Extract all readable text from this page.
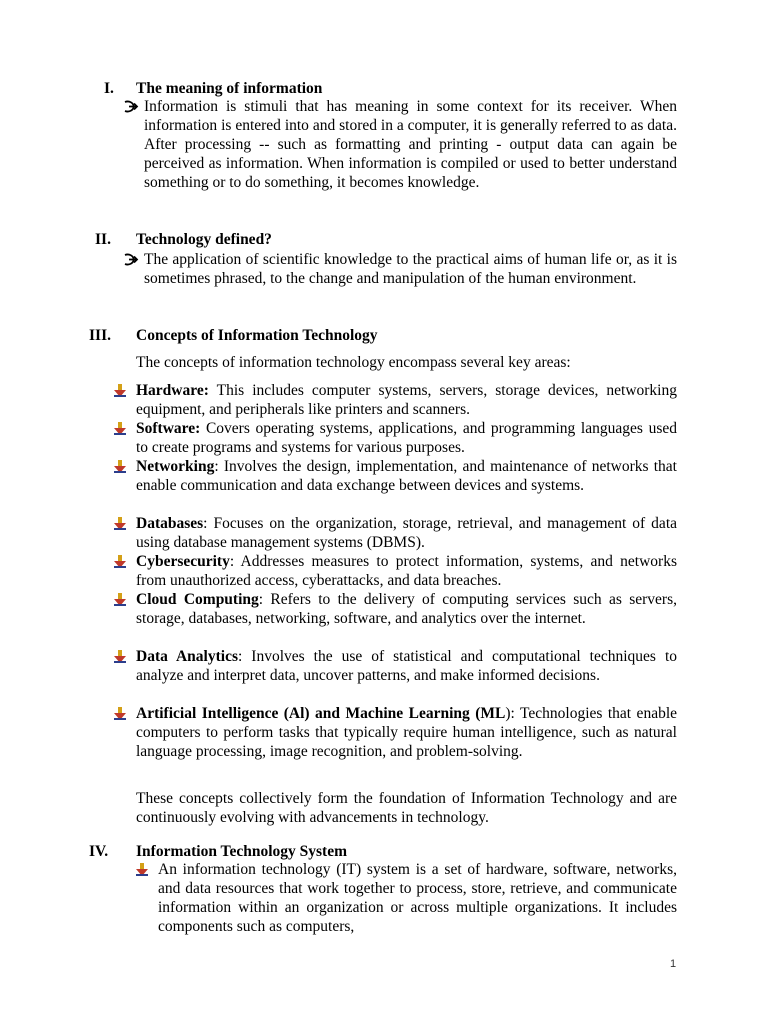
I. The meaning of information
Information is stimuli that has meaning in some context for its receiver. When information is entered into and stored in a computer, it is generally referred to as data. After processing -- such as formatting and printing - output data can again be perceived as information. When information is compiled or used to better understand something or to do something, it becomes knowledge.
II. Technology defined?
The application of scientific knowledge to the practical aims of human life or, as it is sometimes phrased, to the change and manipulation of the human environment.
III. Concepts of Information Technology
The concepts of information technology encompass several key areas:
Hardware: This includes computer systems, servers, storage devices, networking equipment, and peripherals like printers and scanners.
Software: Covers operating systems, applications, and programming languages used to create programs and systems for various purposes.
Networking: Involves the design, implementation, and maintenance of networks that enable communication and data exchange between devices and systems.
Databases: Focuses on the organization, storage, retrieval, and management of data using database management systems (DBMS).
Cybersecurity: Addresses measures to protect information, systems, and networks from unauthorized access, cyberattacks, and data breaches.
Cloud Computing: Refers to the delivery of computing services such as servers, storage, databases, networking, software, and analytics over the internet.
Data Analytics: Involves the use of statistical and computational techniques to analyze and interpret data, uncover patterns, and make informed decisions.
Artificial Intelligence (Al) and Machine Learning (ML): Technologies that enable computers to perform tasks that typically require human intelligence, such as natural language processing, image recognition, and problem-solving.
These concepts collectively form the foundation of Information Technology and are continuously evolving with advancements in technology.
IV. Information Technology System
An information technology (IT) system is a set of hardware, software, networks, and data resources that work together to process, store, retrieve, and communicate information within an organization or across multiple organizations. It includes components such as computers,
1
